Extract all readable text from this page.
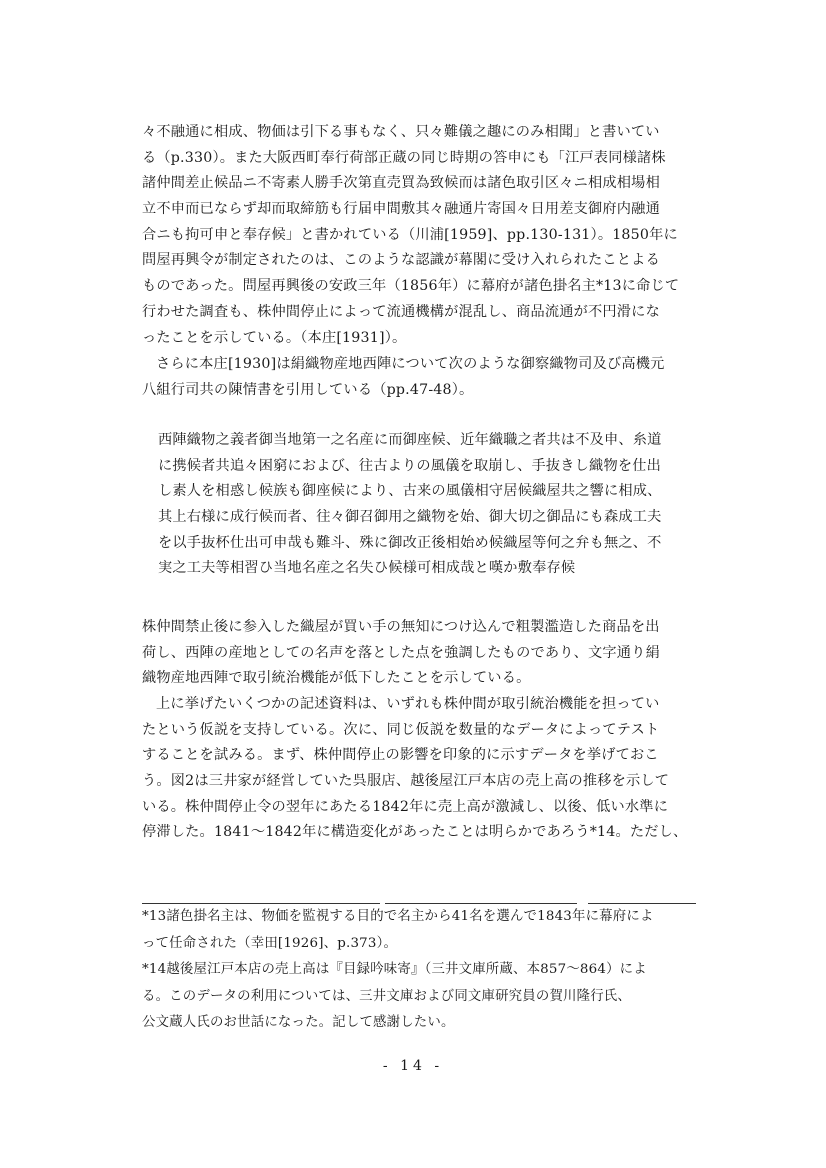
々不融通に相成、物価は引下る事もなく、只々難儀之趣にのみ相聞」と書いてい
る（p.330）。また大阪西町奉行荷部正蔵の同じ時期の答申にも「江戸表同様諸株
諸仲間差止候品ニ不寄素人勝手次第直売買為致候而は諸色取引区々ニ相成相場相
立不申而已ならず却而取締筋も行届申間敷其々融通片寄国々日用差支御府内融通
合ニも拘可申と奉存候」と書かれている（川浦[1959]、pp.130-131）。1850年に
問屋再興令が制定されたのは、このような認識が幕閣に受け入れられたことよる
ものであった。問屋再興後の安政三年（1856年）に幕府が諸色掛名主*13に命じて
行わせた調査も、株仲間停止によって流通機構が混乱し、商品流通が不円滑にな
ったことを示している。（本庄[1931]）。
さらに本庄[1930]は絹織物産地西陣について次のような御察織物司及び高機元
八組行司共の陳情書を引用している（pp.47-48）。
西陣織物之義者御当地第一之名産に而御座候、近年織職之者共は不及申、糸道
に携候者共追々困窮におよび、往古よりの風儀を取崩し、手抜きし織物を仕出
し素人を相惑し候族も御座候により、古来の風儀相守居候織屋共之響に相成、
其上右様に成行候而者、往々御召御用之織物を始、御大切之御品にも森成工夫
を以手抜杯仕出可申哉も難斗、殊に御改正後相始め候織屋等何之弁も無之、不
実之工夫等相習ひ当地名産之名失ひ候様可相成哉と嘆か敷奉存候
株仲間禁止後に参入した織屋が買い手の無知につけ込んで粗製濫造した商品を出
荷し、西陣の産地としての名声を落とした点を強調したものであり、文字通り絹
織物産地西陣で取引統治機能が低下したことを示している。
上に挙げたいくつかの記述資料は、いずれも株仲間が取引統治機能を担ってい
たという仮説を支持している。次に、同じ仮説を数量的なデータによってテスト
することを試みる。まず、株仲間停止の影響を印象的に示すデータを挙げておこ
う。図2は三井家が経営していた呉服店、越後屋江戸本店の売上高の推移を示して
いる。株仲間停止令の翌年にあたる1842年に売上高が激減し、以後、低い水準に
停滞した。1841～1842年に構造変化があったことは明らかであろう*14。ただし、
*13諸色掛名主は、物価を監視する目的で名主から41名を選んで1843年に幕府によ
って任命された（幸田[1926]、p.373）。
*14越後屋江戸本店の売上高は『目録吟味寄』（三井文庫所蔵、本857～864）によ
る。このデータの利用については、三井文庫および同文庫研究員の賀川隆行氏、
公文蔵人氏のお世話になった。記して感謝したい。
- 14 -
